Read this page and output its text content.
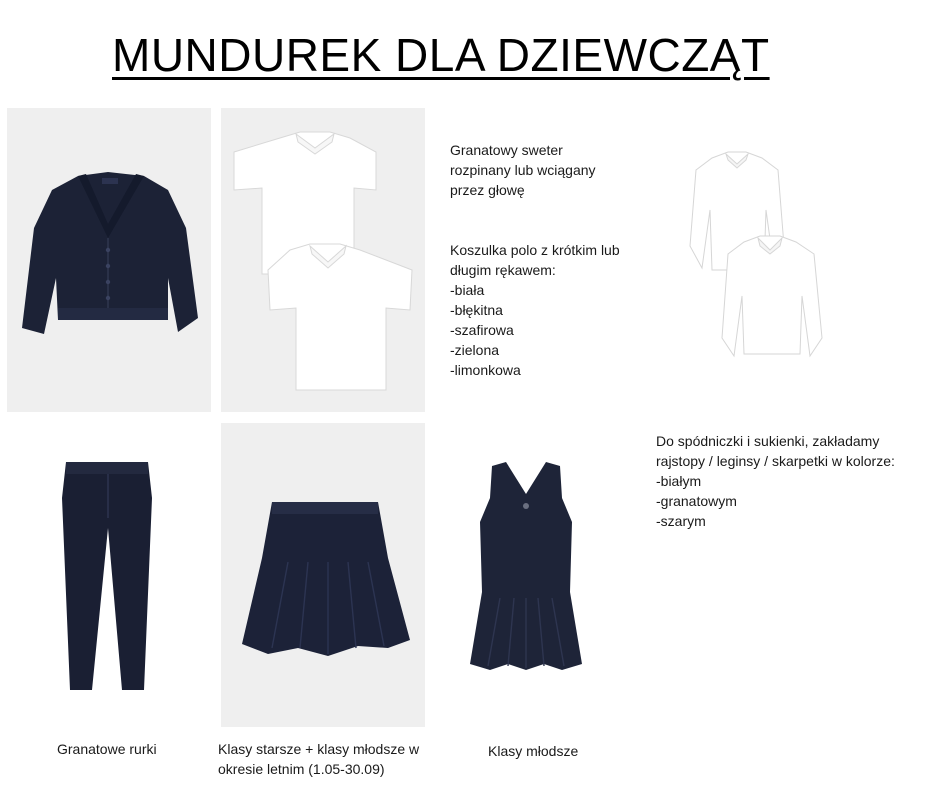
MUNDUREK DLA DZIEWCZĄT
Granatowy sweter
rozpinany lub wciągany
przez głowę
Koszulka polo z krótkim lub
długim rękawem:
-biała
-błękitna
-szafirowa
-zielona
-limonkowa
Granatowe rurki	Klasy starsze + klasy młodsze w okresie letnim (1.05-30.09)
Klasy młodsze
Do spódniczki i sukienki, zakładamy
rajstopy / leginsy / skarpetki w kolorze:
-białym
-granatowym
-szarym
